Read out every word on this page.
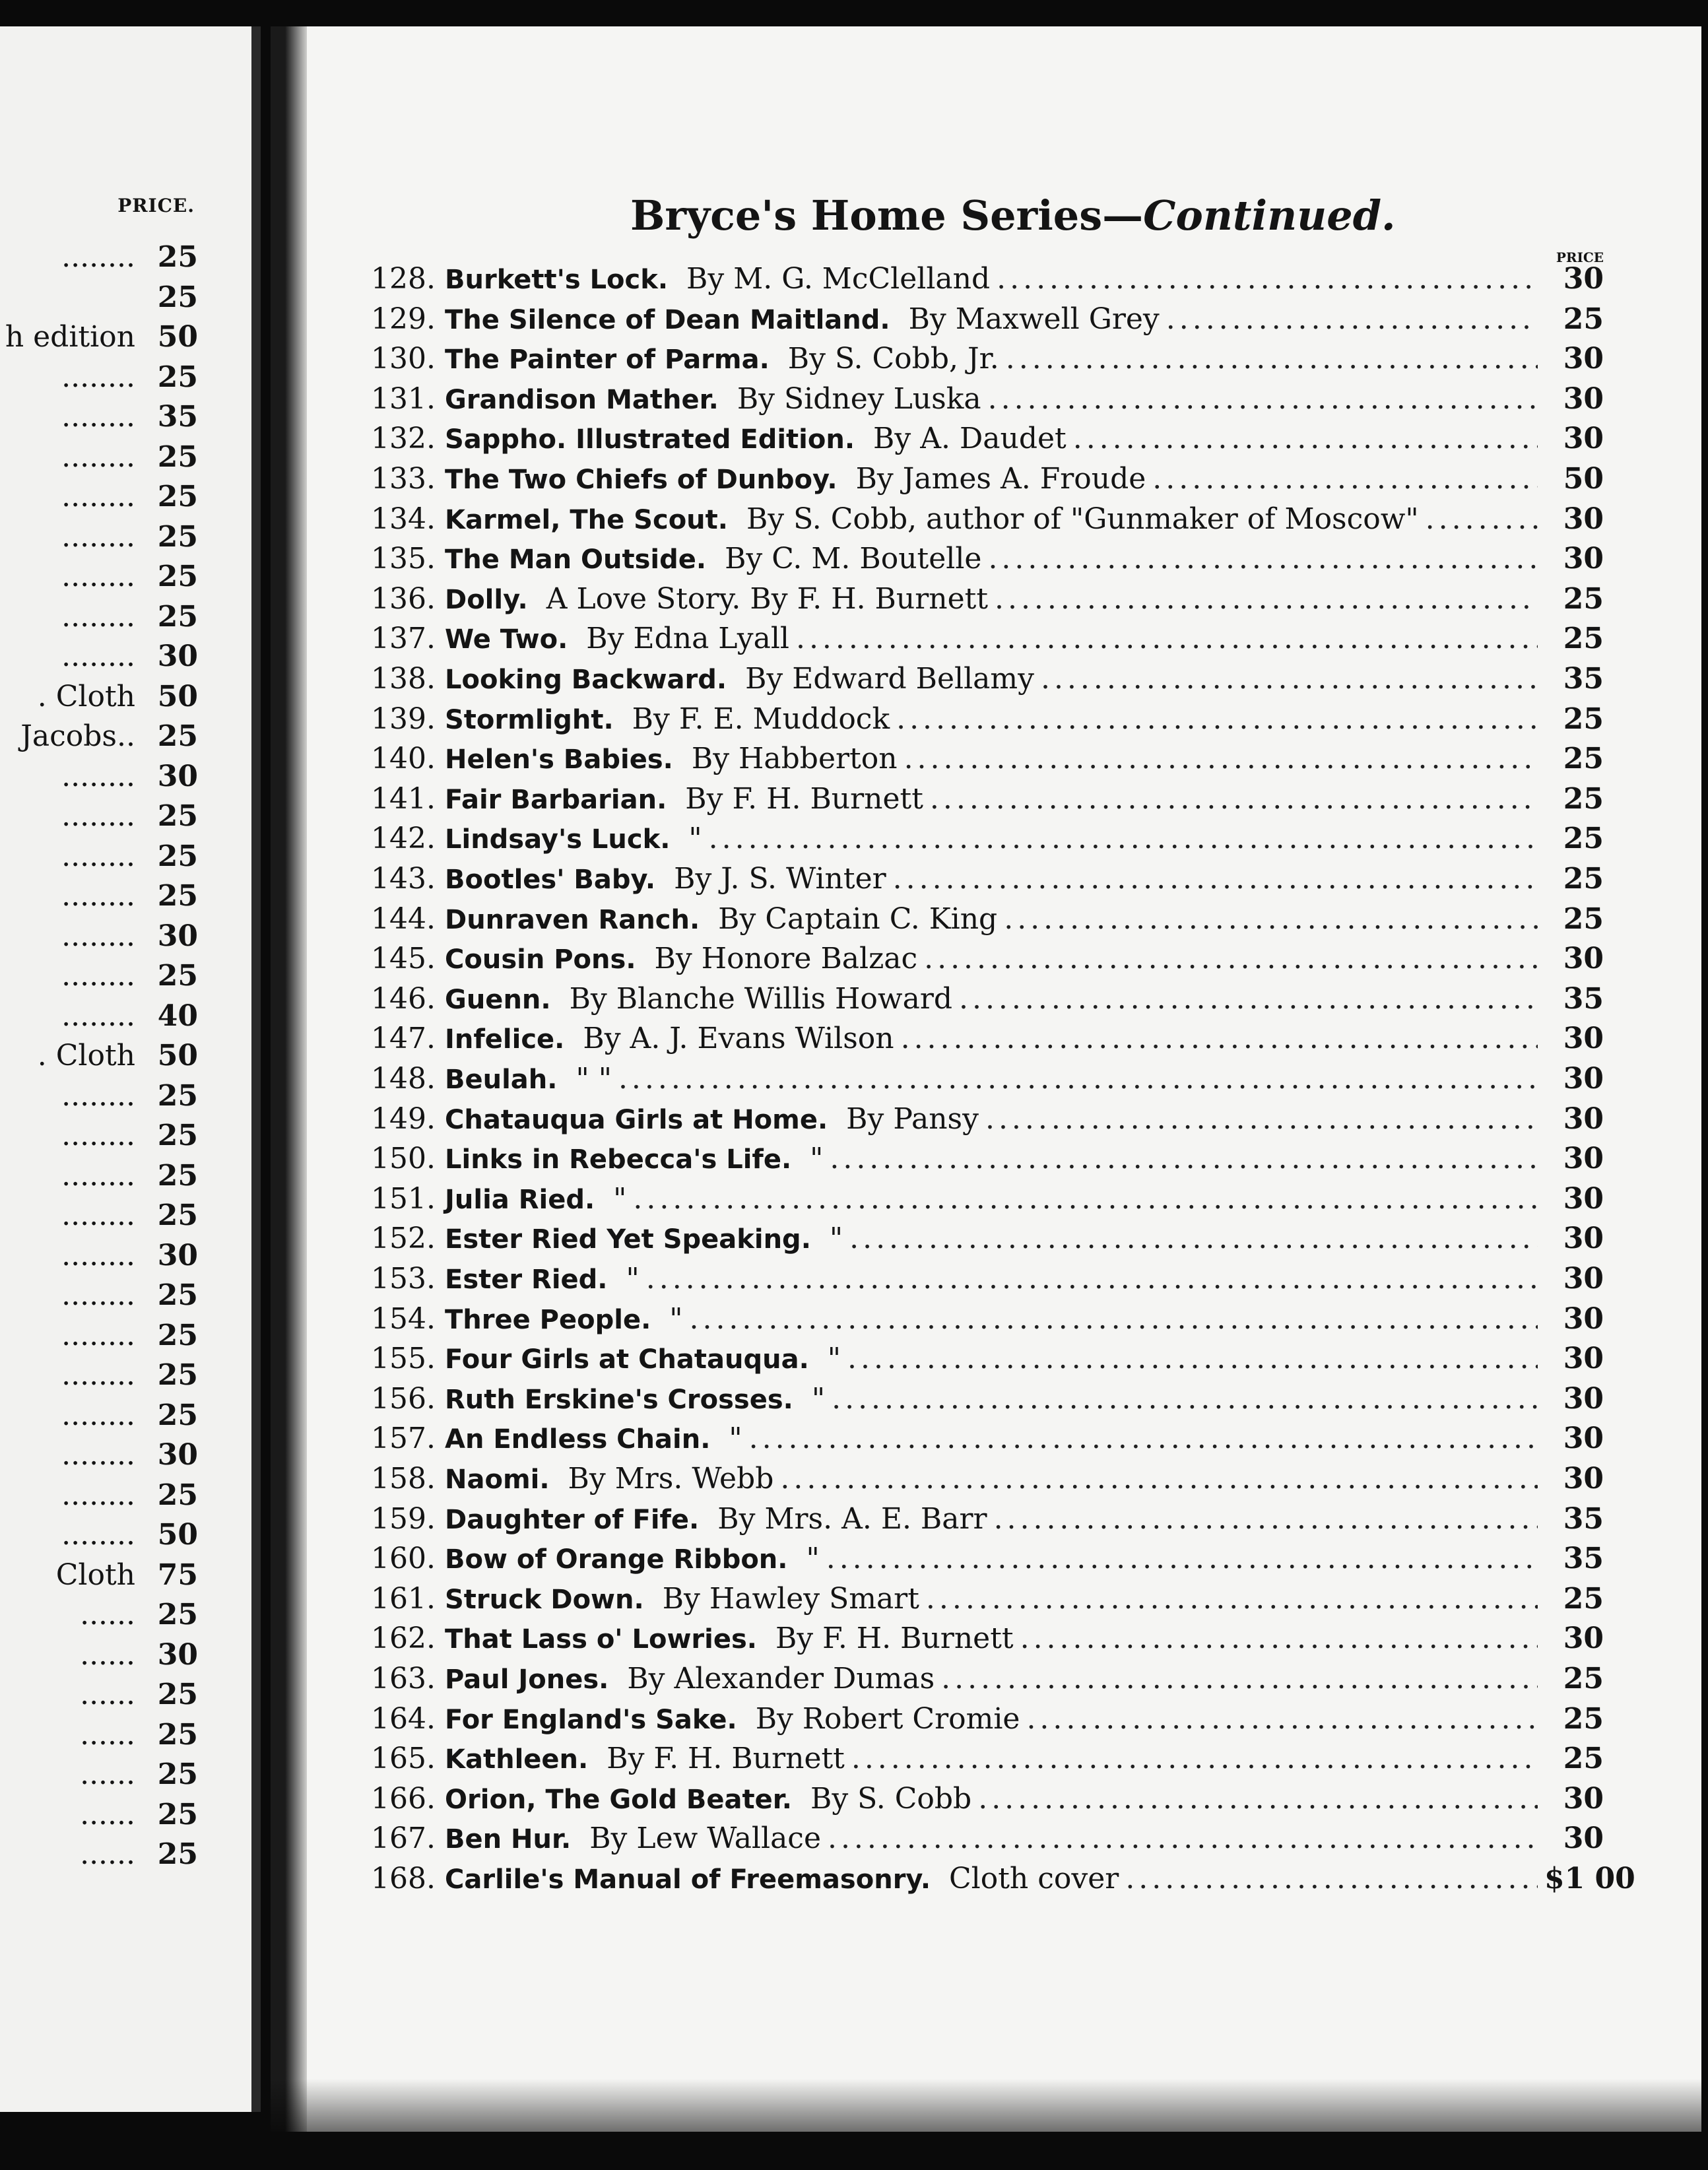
PRICE.
........ 25
25
h edition 50
........ 25
........ 35
........ 25
........ 25
........ 25
........ 25
........ 25
........ 30
. Cloth 50
Jacobs.. 25
........ 30
........ 25
........ 25
........ 25
........ 30
........ 25
........ 40
. Cloth 50
........ 25
........ 25
........ 25
........ 25
........ 30
........ 25
........ 25
........ 25
........ 25
........ 30
........ 25
........ 50
Cloth 75
...... 25
...... 30
...... 25
...... 25
...... 25
...... 25
...... 25
Bryce's Home Series—Continued.
PRICE
128. Burkett's Lock. By M. G. McClelland . . .	30
129. The Silence of Dean Maitland. By Maxwell Grey . . .	25
130. The Painter of Parma. By S. Cobb, Jr. . . .	30
131. Grandison Mather. By Sidney Luska . . .	30
132. Sappho. Illustrated Edition. By A. Daudet . . .	30
133. The Two Chiefs of Dunboy. By James A. Froude . . .	50
134. Karmel, The Scout. By S. Cobb, author of "Gunmaker of Moscow" . . .	30
135. The Man Outside. By C. M. Boutelle . . .	30
136. Dolly. A Love Story. By F. H. Burnett . . .	25
137. We Two. By Edna Lyall . . .	25
138. Looking Backward. By Edward Bellamy . . .	35
139. Stormlight. By F. E. Muddock . . .	25
140. Helen's Babies. By Habberton . . .	25
141. Fair Barbarian. By F. H. Burnett . . .	25
142. Lindsay's Luck. " . . .	25
143. Bootles' Baby. By J. S. Winter . . .	25
144. Dunraven Ranch. By Captain C. King . . .	25
145. Cousin Pons. By Honore Balzac . . .	30
146. Guenn. By Blanche Willis Howard . . .	35
147. Infelice. By A. J. Evans Wilson . . .	30
148. Beulah. " " . . .	30
149. Chatauqua Girls at Home. By Pansy . . .	30
150. Links in Rebecca's Life. " . . .	30
151. Julia Ried. " . . .	30
152. Ester Ried Yet Speaking. " . . .	30
153. Ester Ried. " . . .	30
154. Three People. " . . .	30
155. Four Girls at Chatauqua. " . . .	30
156. Ruth Erskine's Crosses. " . . .	30
157. An Endless Chain. " . . .	30
158. Naomi. By Mrs. Webb . . .	30
159. Daughter of Fife. By Mrs. A. E. Barr . . .	35
160. Bow of Orange Ribbon. " . . .	35
161. Struck Down. By Hawley Smart . . .	25
162. That Lass o' Lowries. By F. H. Burnett . . .	30
163. Paul Jones. By Alexander Dumas . . .	25
164. For England's Sake. By Robert Cromie . . .	25
165. Kathleen. By F. H. Burnett . . .	25
166. Orion, The Gold Beater. By S. Cobb . . .	30
167. Ben Hur. By Lew Wallace . . .	30
168. Carlile's Manual of Freemasonry. Cloth cover . . .	$1 00
